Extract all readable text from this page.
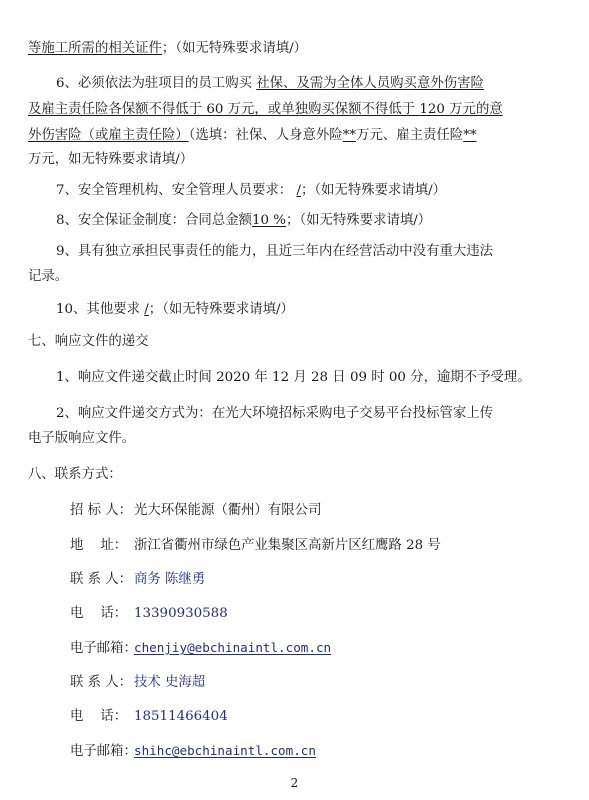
等施工所需的相关证件；（如无特殊要求请填/）
6、必须依法为驻项目的员工购买 社保、及需为全体人员购买意外伤害险
及雇主责任险各保额不得低于 60 万元，或单独购买保额不得低于 120 万元的意
外伤害险（或雇主责任险）（选填：社保、人身意外险**万元、雇主责任险**
万元，如无特殊要求请填/）
7、安全管理机构、安全管理人员要求： /；（如无特殊要求请填/）
8、安全保证金制度：合同总金额10 %；（如无特殊要求请填/）
9、具有独立承担民事责任的能力，且近三年内在经营活动中没有重大违法
记录。
10、其他要求 /；（如无特殊要求请填/）
七、响应文件的递交
1、响应文件递交截止时间 2020 年 12 月 28 日 09 时 00 分，逾期不予受理。
2、响应文件递交方式为：在光大环境招标采购电子交易平台投标管家上传
电子版响应文件。
八、联系方式：
招 标 人： 光大环保能源（衢州）有限公司
地    址： 浙江省衢州市绿色产业集聚区高新片区红鹰路 28 号
联 系 人： 商务 陈继勇
电    话： 13390930588
电子邮箱：chenjiy@ebchinaintl.com.cn
联 系 人： 技术 史海超
电    话： 18511466404
电子邮箱：shihc@ebchinaintl.com.cn
2
